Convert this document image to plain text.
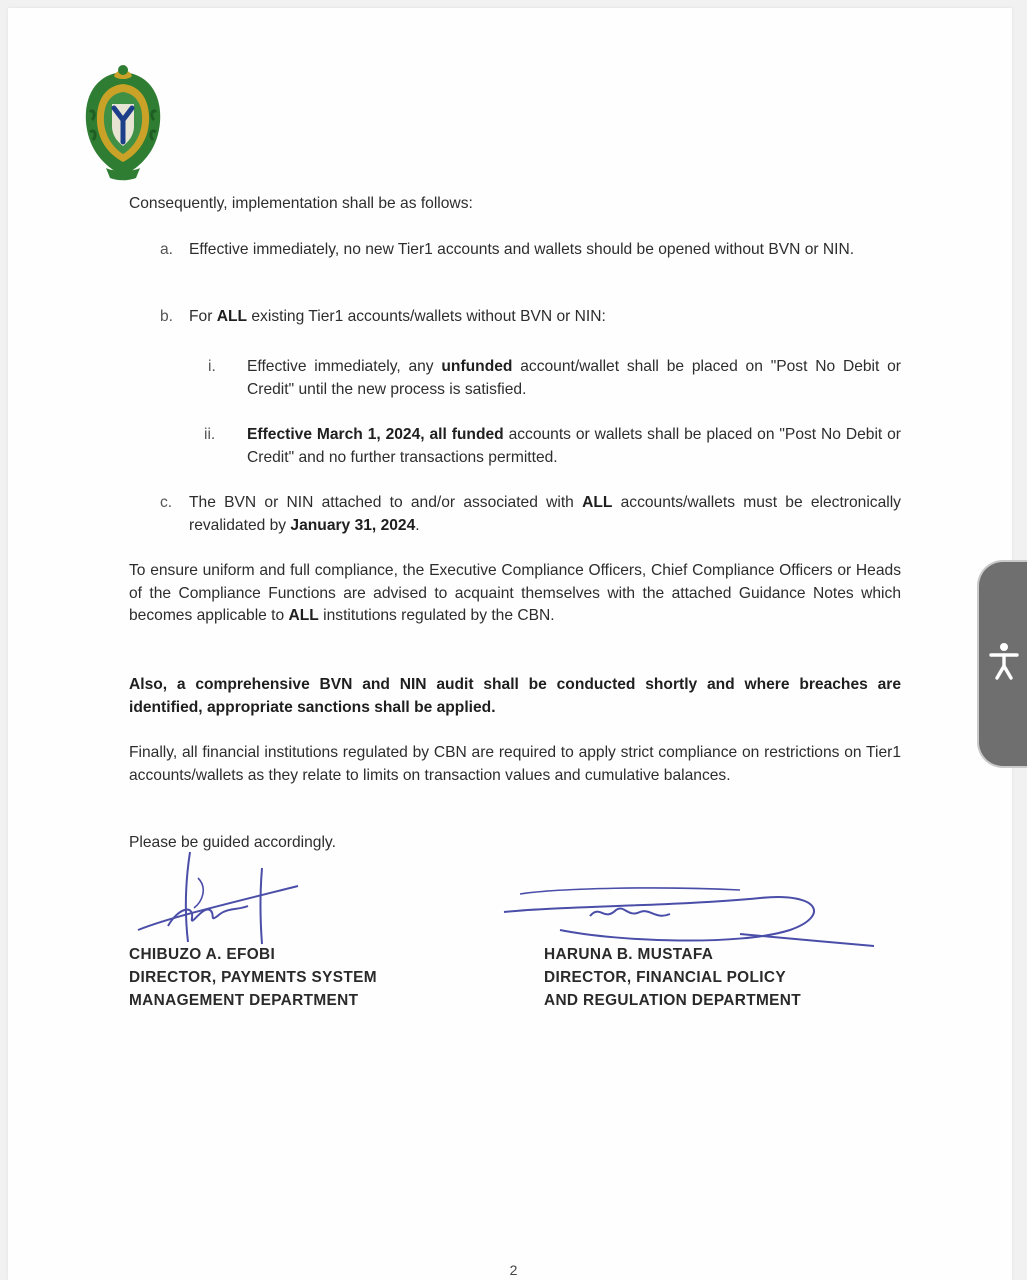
Consequently, implementation shall be as follows:

a. Effective immediately, no new Tier1 accounts and wallets should be opened without BVN or NIN.

b. For ALL existing Tier1 accounts/wallets without BVN or NIN:

i. Effective immediately, any unfunded account/wallet shall be placed on "Post No Debit or Credit" until the new process is satisfied.

ii. Effective March 1, 2024, all funded accounts or wallets shall be placed on "Post No Debit or Credit" and no further transactions permitted.

c. The BVN or NIN attached to and/or associated with ALL accounts/wallets must be electronically revalidated by January 31, 2024.

To ensure uniform and full compliance, the Executive Compliance Officers, Chief Compliance Officers or Heads of the Compliance Functions are advised to acquaint themselves with the attached Guidance Notes which becomes applicable to ALL institutions regulated by the CBN.

Also, a comprehensive BVN and NIN audit shall be conducted shortly and where breaches are identified, appropriate sanctions shall be applied.

Finally, all financial institutions regulated by CBN are required to apply strict compliance on restrictions on Tier1 accounts/wallets as they relate to limits on transaction values and cumulative balances.

Please be guided accordingly.

CHIBUZO A. EFOBI
DIRECTOR, PAYMENTS SYSTEM
MANAGEMENT DEPARTMENT
HARUNA B. MUSTAFA
DIRECTOR, FINANCIAL POLICY
AND REGULATION DEPARTMENT
2
